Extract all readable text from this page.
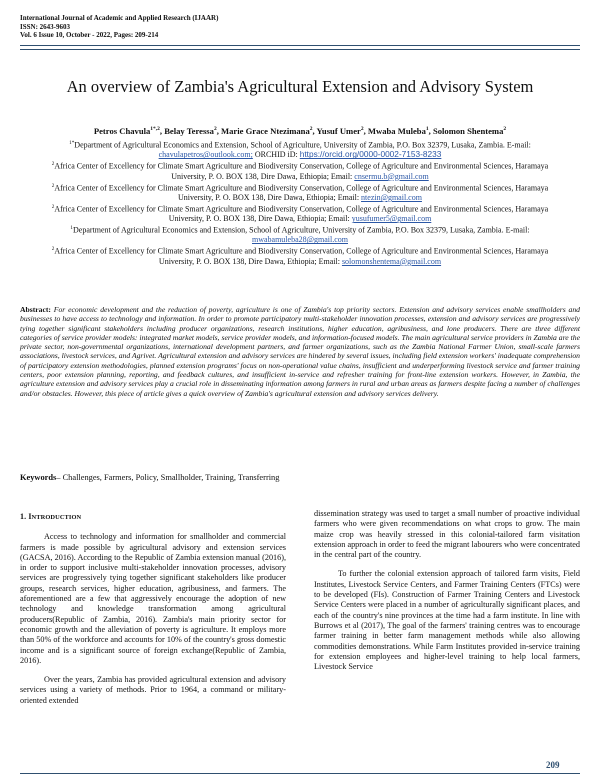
International Journal of Academic and Applied Research (IJAAR)
ISSN: 2643-9603
Vol. 6 Issue 10, October - 2022, Pages: 209-214
An overview of Zambia's Agricultural Extension and Advisory System
Petros Chavula$^{1*,2}$, Belay Teressa$^2$, Marie Grace Ntezimana$^2$, Yusuf Umer$^2$, Mwaba Muleba$^1$, Solomon Shentema$^2$

$^{1*}$Department of Agricultural Economics and Extension, School of Agriculture, University of Zambia, P.O. Box 32379, Lusaka, Zambia. E-mail: chavulapetros@outlook.com; ORCHID iD: https://orcid.org/0000-0002-7153-8233

$^2$Africa Center of Excellency for Climate Smart Agriculture and Biodiversity Conservation, College of Agriculture and Environmental Sciences, Haramaya University, P. O. BOX 138, Dire Dawa, Ethiopia; Email: cnsermu.b@gmail.com

$^2$Africa Center of Excellency for Climate Smart Agriculture and Biodiversity Conservation, College of Agriculture and Environmental Sciences, Haramaya University, P. O. BOX 138, Dire Dawa, Ethiopia; Email: ntezin@gmail.com

$^2$Africa Center of Excellency for Climate Smart Agriculture and Biodiversity Conservation, College of Agriculture and Environmental Sciences, Haramaya University, P. O. BOX 138, Dire Dawa, Ethiopia; Email: yusufumer5@gmail.com

$^1$Department of Agricultural Economics and Extension, School of Agriculture, University of Zambia, P.O. Box 32379, Lusaka, Zambia. E-mail: mwabamuleba28@gmail.com

$^2$Africa Center of Excellency for Climate Smart Agriculture and Biodiversity Conservation, College of Agriculture and Environmental Sciences, Haramaya University, P. O. BOX 138, Dire Dawa, Ethiopia; Email: solomonshentema@gmail.com

Abstract: For economic development and the reduction of poverty, agriculture is one of Zambia's top priority sectors. Extension and advisory services enable smallholders and businesses to have access to technology and information. In order to promote participatory multi-stakeholder innovation processes, extension and advisory services are progressively tying together significant stakeholders including producer organizations, research institutions, higher education, agribusiness, and lone producers. There are three different categories of service provider models: integrated market models, service provider models, and information-focused models. The main agricultural service providers in Zambia are the private sector, non-governmental organizations, international development partners, and farmer organizations, such as the Zambia National Farmer Union, small-scale farmers associations, livestock services, and Agrivet. Agricultural extension and advisory services are hindered by several issues, including field extension workers' inadequate comprehension of participatory extension methodologies, planned extension programs' focus on non-operational value chains, insufficient and underperforming livestock service and farmer training centers, poor extension planning, reporting, and feedback cultures, and insufficient in-service and refresher training for front-line extension workers. However, in Zambia, the agriculture extension and advisory services play a crucial role in disseminating information among farmers in rural and urban areas as farmers despite facing a number of challenges and/or obstacles. However, this piece of article gives a quick overview of Zambia's agricultural extension and advisory services delivery.
Keywords– Challenges, Farmers, Policy, Smallholder, Training, Transferring
1. INTRODUCTION

Access to technology and information for smallholder and commercial farmers is made possible by agricultural advisory and extension services (GACSA, 2016). According to the Republic of Zambia extension manual (2016), in order to support inclusive multi-stakeholder innovation processes, advisory services are progressively tying together significant stakeholders like producer groups, research services, higher education, agribusiness, and farmers. The aforementioned are a few that aggressively encourage the adoption of new technology and knowledge transformation among agricultural producers(Republic of Zambia, 2016). Zambia's main priority sector for economic growth and the alleviation of poverty is agriculture. It employs more than 50% of the workforce and accounts for 10% of the country's gross domestic income and is a significant source of foreign exchange(Republic of Zambia, 2016).

Over the years, Zambia has provided agricultural extension and advisory services using a variety of methods. Prior to 1964, a command or military-oriented extended

dissemination strategy was used to target a small number of proactive individual farmers who were given recommendations on what crops to grow. The main maize crop was heavily stressed in this colonial-tailored farm visitation extension approach in order to feed the migrant labourers who were concentrated in the central part of the country.

To further the colonial extension approach of tailored farm visits, Field Institutes, Livestock Service Centers, and Farmer Training Centers (FTCs) were to be developed (FIs). Construction of Farmer Training Centers and Livestock Service Centers were placed in a number of agriculturally significant places, and each of the country's nine provinces at the time had a farm institute. In line with Burrows et al (2017), The goal of the farmers' training centres was to encourage farmer training in better farm management methods while also allowing commodities demonstrations. While Farm Institutes provided in-service training for extension employees and higher-level training to help local farmers, Livestock Service

209
